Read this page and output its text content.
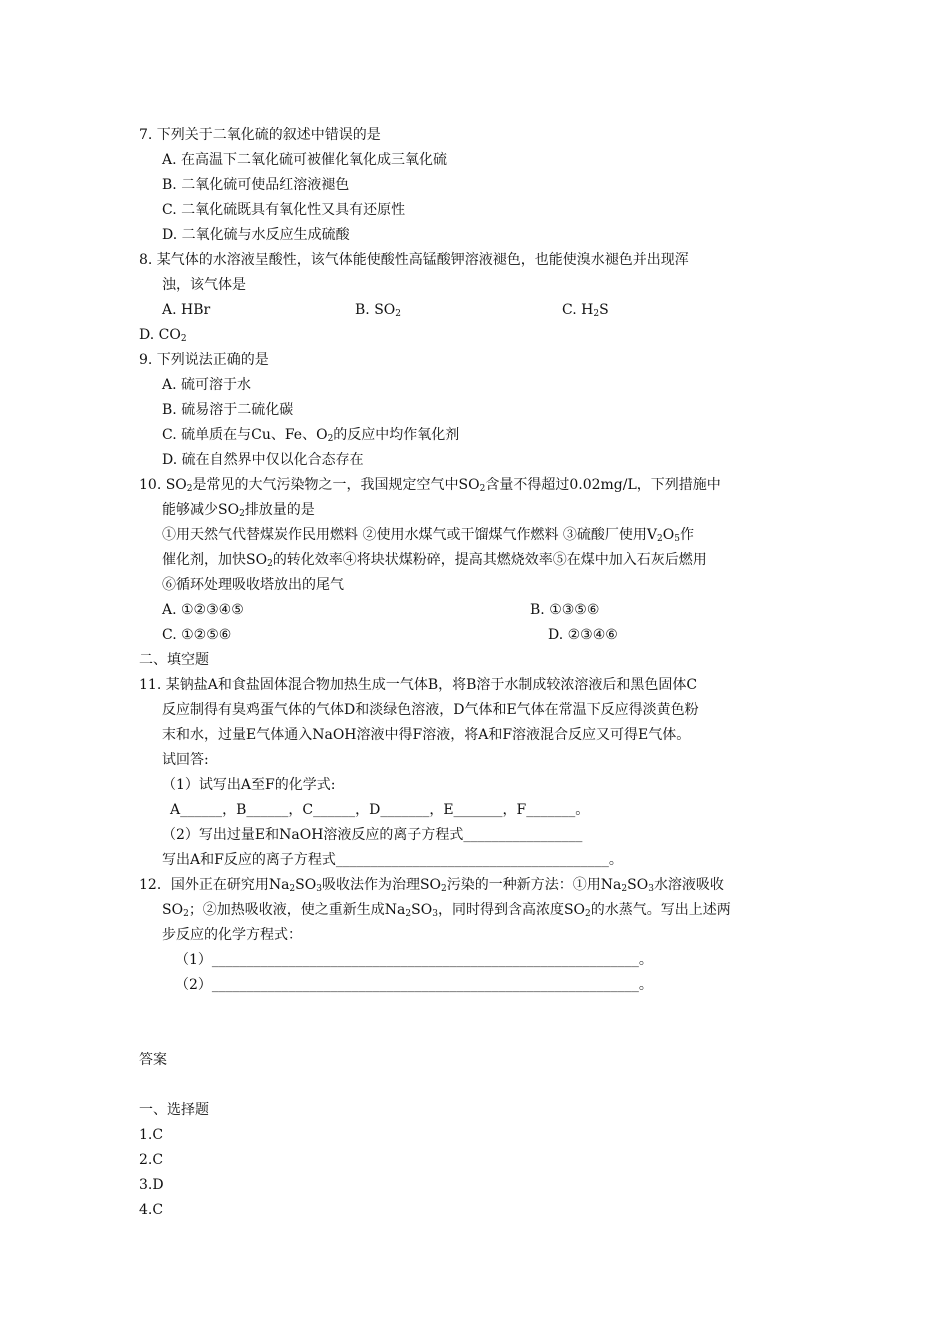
7. 下列关于二氧化硫的叙述中错误的是
A. 在高温下二氧化硫可被催化氧化成三氧化硫
B. 二氧化硫可使品红溶液褪色
C. 二氧化硫既具有氧化性又具有还原性
D. 二氧化硫与水反应生成硫酸
8. 某气体的水溶液呈酸性，该气体能使酸性高锰酸钾溶液褪色，也能使溴水褪色并出现浑
浊，该气体是
A. HBr	B. $SO_2$	C. $H_2S$
D. $CO_2$
9. 下列说法正确的是
A. 硫可溶于水
B. 硫易溶于二硫化碳
C. 硫单质在与Cu、Fe、$O_2$的反应中均作氧化剂
D. 硫在自然界中仅以化合态存在
10. $SO_2$是常见的大气污染物之一，我国规定空气中$SO_2$含量不得超过0.02mg/L，下列措施中
能够减少$SO_2$排放量的是
①用天然气代替煤炭作民用燃料 ②使用水煤气或干馏煤气作燃料 ③硫酸厂使用$V_2O_5$作
催化剂，加快$SO_2$的转化效率④将块状煤粉碎，提高其燃烧效率⑤在煤中加入石灰后燃用
⑥循环处理吸收塔放出的尾气
A. ①②③④⑤	B. ①③⑤⑥
C. ①②⑤⑥	D. ②③④⑥
二、填空题
11. 某钠盐A和食盐固体混合物加热生成一气体B，将B溶于水制成较浓溶液后和黑色固体C
反应制得有臭鸡蛋气体的气体D和淡绿色溶液，D气体和E气体在常温下反应得淡黄色粉
末和水，过量E气体通入NaOH溶液中得F溶液，将A和F溶液混合反应又可得E气体。
试回答:
（1）试写出A至F的化学式:
A______，B______，C______，D_______，E_______，F_______。
（2）写出过量E和NaOH溶液反应的离子方程式_________________
写出A和F反应的离子方程式_______________________________________。
12．国外正在研究用$Na_2SO_3$吸收法作为治理$SO_2$污染的一种新方法：①用$Na_2SO_3$水溶液吸收
$SO_2$；②加热吸收液，使之重新生成$Na_2SO_3$，同时得到含高浓度$SO_2$的水蒸气。写出上述两
步反应的化学方程式：
（1）_____________________________________________________________。
（2）_____________________________________________________________。
答案
一、选择题
1.C
2.C
3.D
4.C
